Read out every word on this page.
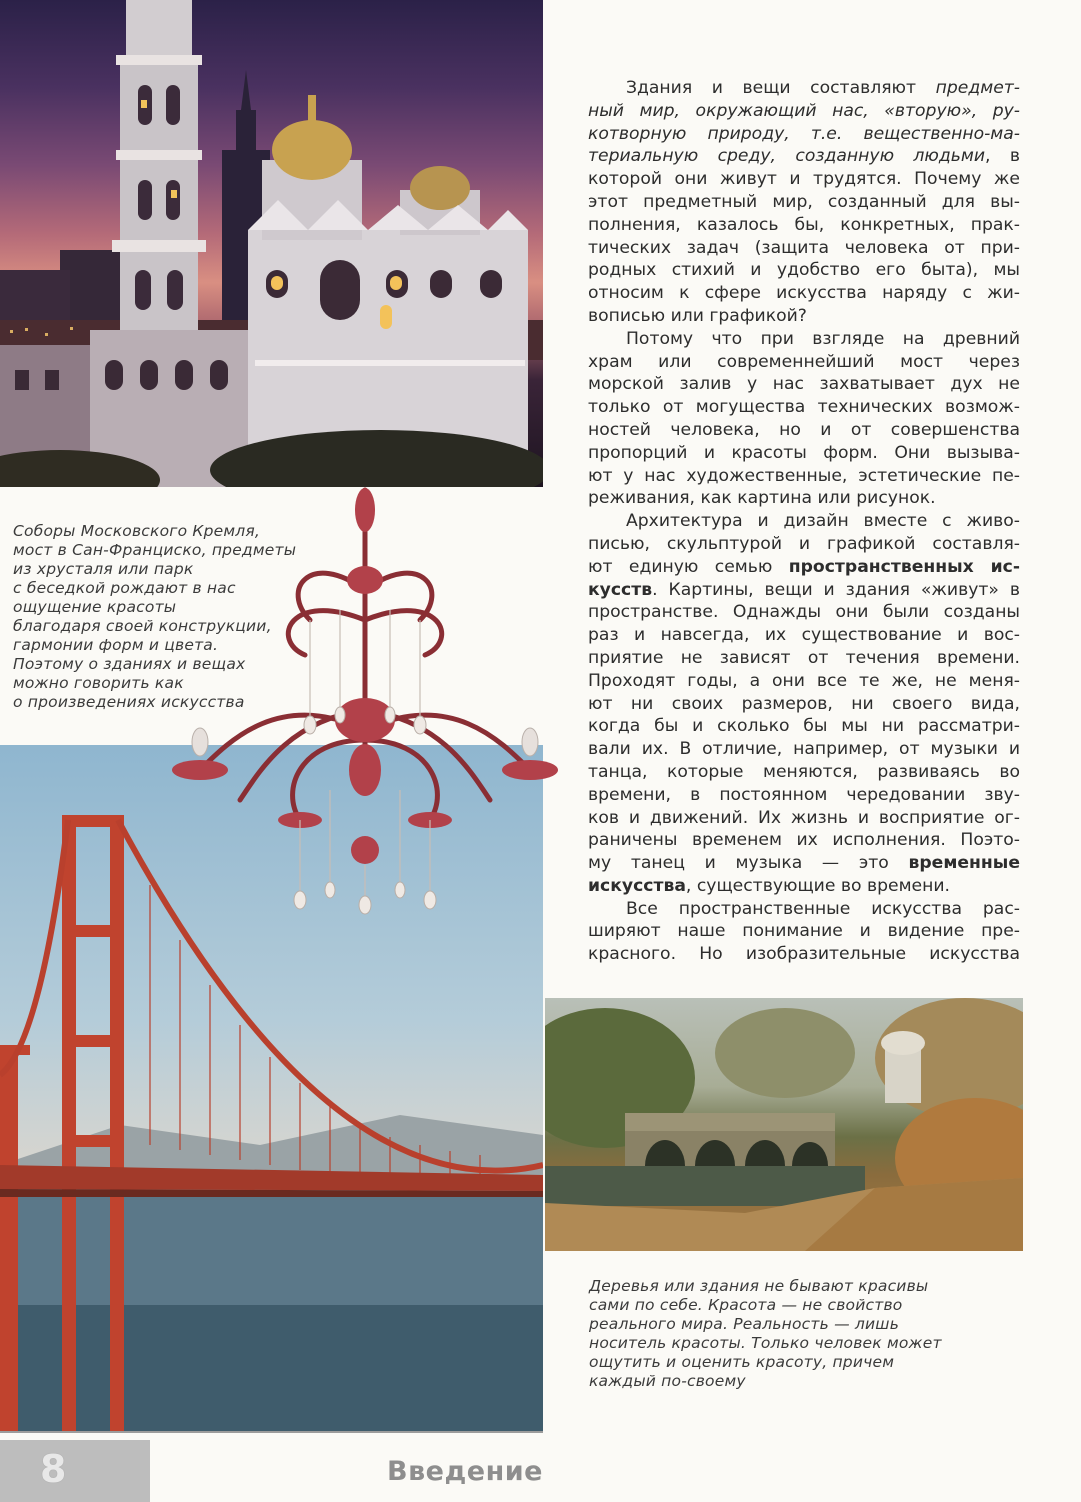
Соборы Московского Кремля,
мост в Сан-Франциско, предметы
из хрусталя или парк
с беседкой рождают в нас
ощущение красоты
благодаря своей конструкции,
гармонии форм и цвета.
Поэтому о зданиях и вещах
можно говорить как
о произведениях искусства
Деревья или здания не бывают красивы
сами по себе. Красота — не свойство
реального мира. Реальность — лишь
носитель красоты. Только человек может
ощутить и оценить красоту, причем
каждый по-своему
Здания и вещи составляют предмет-
ный мир, окружающий нас, «вторую», ру-
котворную природу, т.е. вещественно-ма-
териальную среду, созданную людьми, в
которой они живут и трудятся. Почему же
этот предметный мир, созданный для вы-
полнения, казалось бы, конкретных, прак-
тических задач (защита человека от при-
родных стихий и удобство его быта), мы
относим к сфере искусства наряду с жи-
вописью или графикой?
Потому что при взгляде на древний
храм или современнейший мост через
морской залив у нас захватывает дух не
только от могущества технических возмож-
ностей человека, но и от совершенства
пропорций и красоты форм. Они вызыва-
ют у нас художественные, эстетические пе-
реживания, как картина или рисунок.
Архитектура и дизайн вместе с живо-
писью, скульптурой и графикой составля-
ют единую семью пространственных ис-
кусств. Картины, вещи и здания «живут» в
пространстве. Однажды они были созданы
раз и навсегда, их существование и вос-
приятие не зависят от течения времени.
Проходят годы, а они все те же, не меня-
ют ни своих размеров, ни своего вида,
когда бы и сколько бы мы ни рассматри-
вали их. В отличие, например, от музыки и
танца, которые меняются, развиваясь во
времени, в постоянном чередовании зву-
ков и движений. Их жизнь и восприятие ог-
раничены временем их исполнения. Поэто-
му танец и музыка — это временные
искусства, существующие во времени.
Все пространственные искусства рас-
ширяют наше понимание и видение пре-
красного. Но изобразительные искусства
8	Введение
